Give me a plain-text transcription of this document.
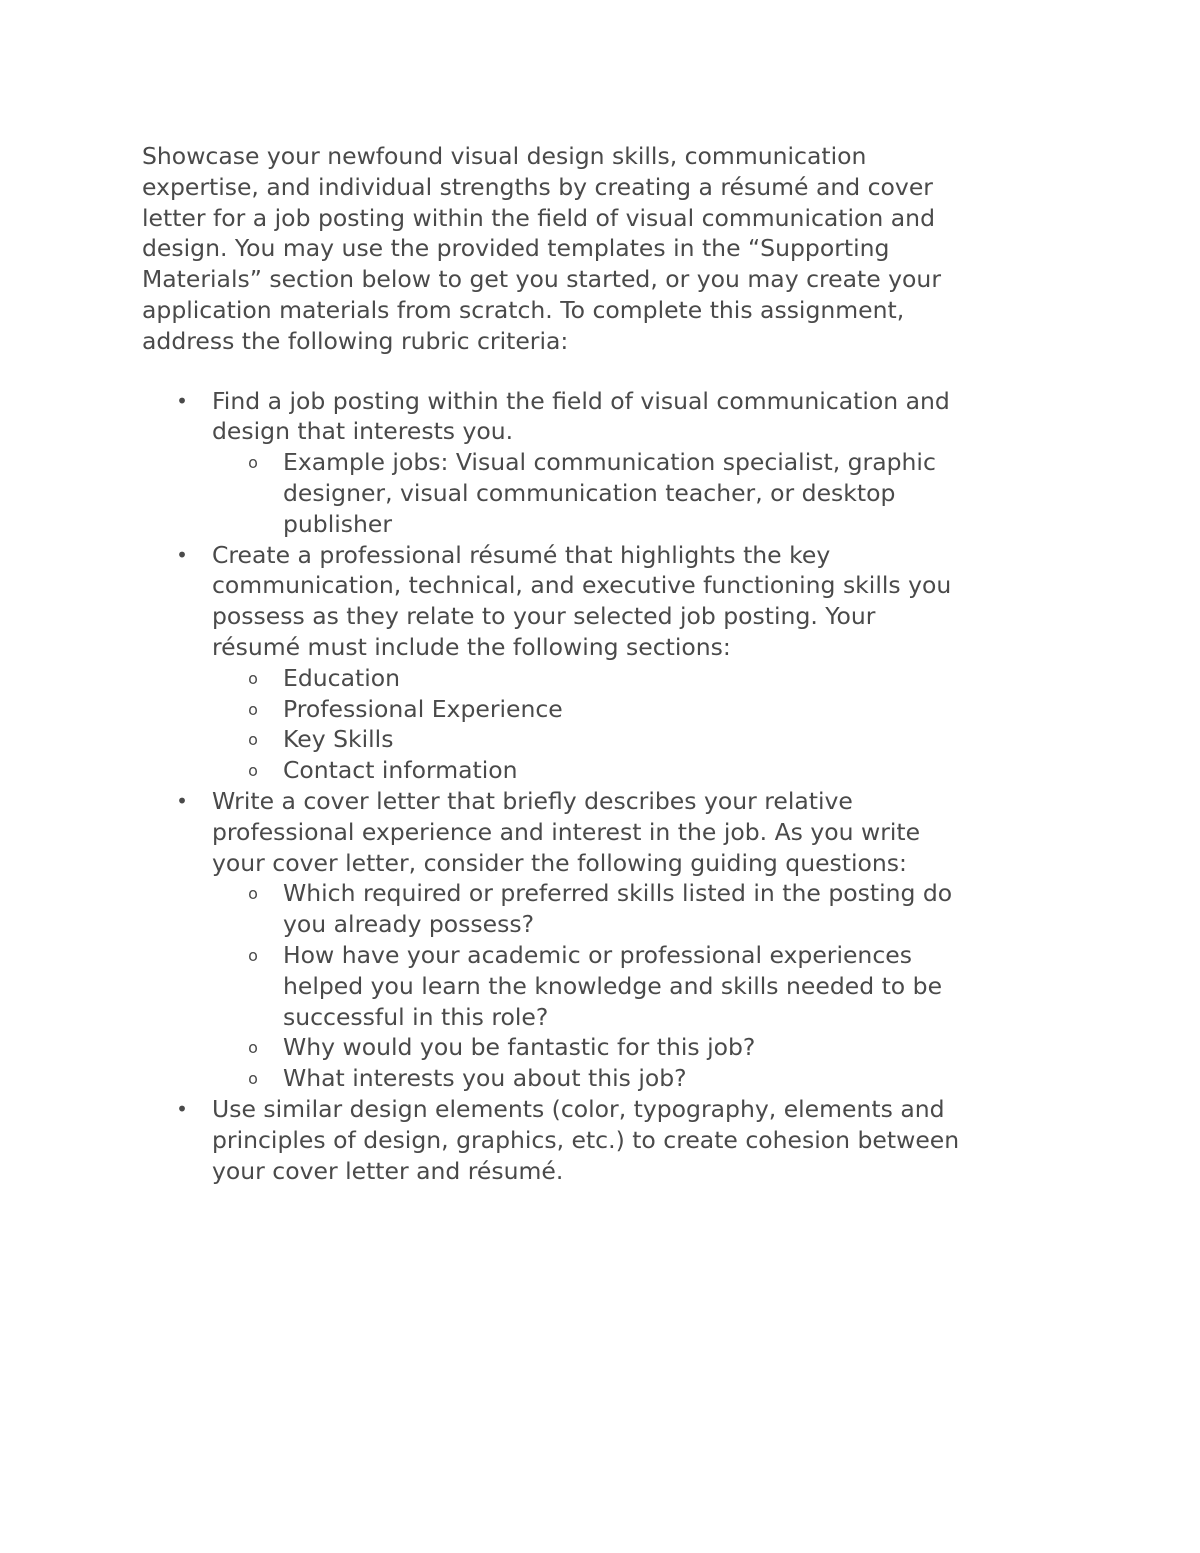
Showcase your newfound visual design skills, communication
expertise, and individual strengths by creating a résumé and cover
letter for a job posting within the field of visual communication and
design. You may use the provided templates in the “Supporting
Materials” section below to get you started, or you may create your
application materials from scratch. To complete this assignment,
address the following rubric criteria:

• Find a job posting within the field of visual communication and
design that interests you.
o Example jobs: Visual communication specialist, graphic
designer, visual communication teacher, or desktop
publisher
• Create a professional résumé that highlights the key
communication, technical, and executive functioning skills you
possess as they relate to your selected job posting. Your
résumé must include the following sections:
o Education
o Professional Experience
o Key Skills
o Contact information
• Write a cover letter that briefly describes your relative
professional experience and interest in the job. As you write
your cover letter, consider the following guiding questions:
o Which required or preferred skills listed in the posting do
you already possess?
o How have your academic or professional experiences
helped you learn the knowledge and skills needed to be
successful in this role?
o Why would you be fantastic for this job?
o What interests you about this job?
• Use similar design elements (color, typography, elements and
principles of design, graphics, etc.) to create cohesion between
your cover letter and résumé.
